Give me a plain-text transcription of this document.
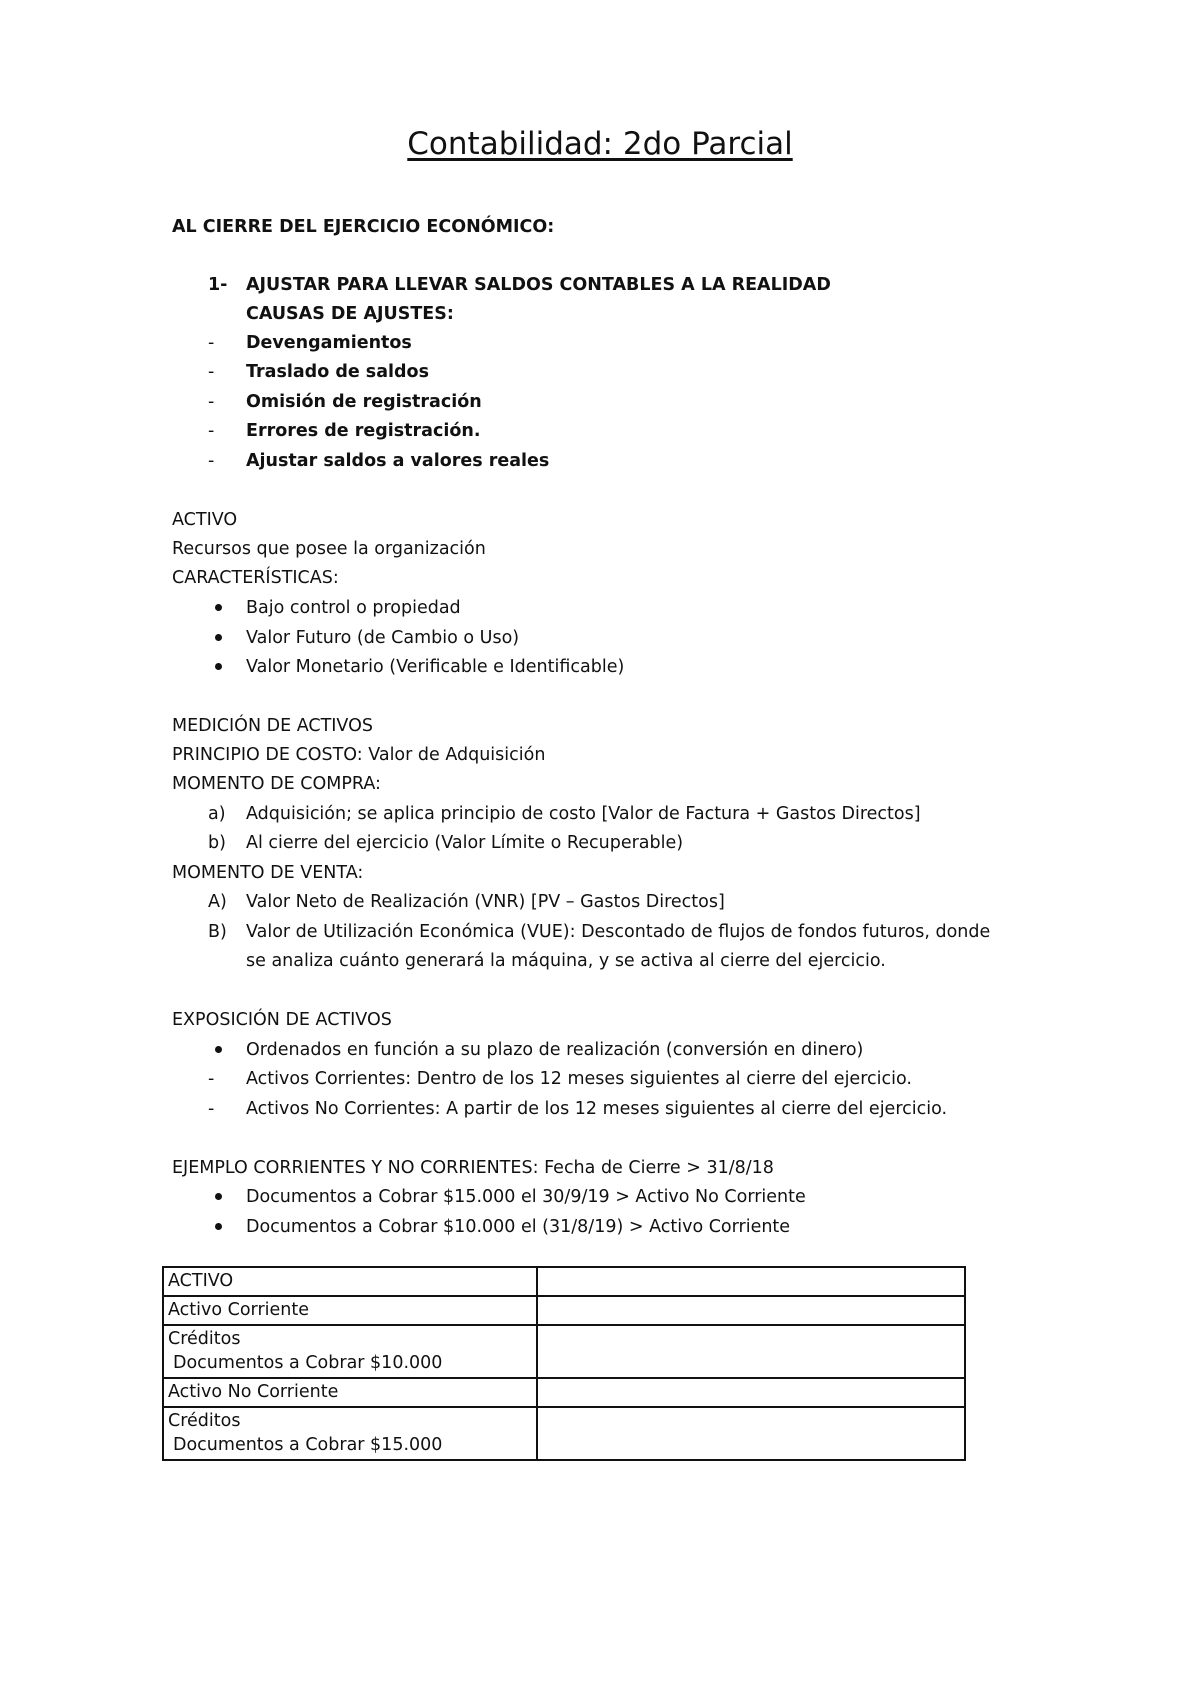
Contabilidad: 2do Parcial
AL CIERRE DEL EJERCICIO ECONÓMICO:
1- AJUSTAR PARA LLEVAR SALDOS CONTABLES A LA REALIDAD
CAUSAS DE AJUSTES:
- Devengamientos
- Traslado de saldos
- Omisión de registración
- Errores de registración.
- Ajustar saldos a valores reales
ACTIVO
Recursos que posee la organización
CARACTERÍSTICAS:
Bajo control o propiedad
Valor Futuro (de Cambio o Uso)
Valor Monetario (Verificable e Identificable)
MEDICIÓN DE ACTIVOS
PRINCIPIO DE COSTO: Valor de Adquisición
MOMENTO DE COMPRA:
a) Adquisición; se aplica principio de costo [Valor de Factura + Gastos Directos]
b) Al cierre del ejercicio (Valor Límite o Recuperable)
MOMENTO DE VENTA:
A) Valor Neto de Realización (VNR) [PV – Gastos Directos]
B) Valor de Utilización Económica (VUE): Descontado de flujos de fondos futuros, donde
se analiza cuánto generará la máquina, y se activa al cierre del ejercicio.
EXPOSICIÓN DE ACTIVOS
Ordenados en función a su plazo de realización (conversión en dinero)
- Activos Corrientes: Dentro de los 12 meses siguientes al cierre del ejercicio.
- Activos No Corrientes: A partir de los 12 meses siguientes al cierre del ejercicio.
EJEMPLO CORRIENTES Y NO CORRIENTES: Fecha de Cierre > 31/8/18
Documentos a Cobrar $15.000 el 30/9/19 > Activo No Corriente
Documentos a Cobrar $10.000 el (31/8/19) > Activo Corriente
ACTIVO	
Activo Corriente	

Créditos
Documentos a Cobrar $10.000	

Activo No Corriente	

Créditos
Documentos a Cobrar $15.000	
